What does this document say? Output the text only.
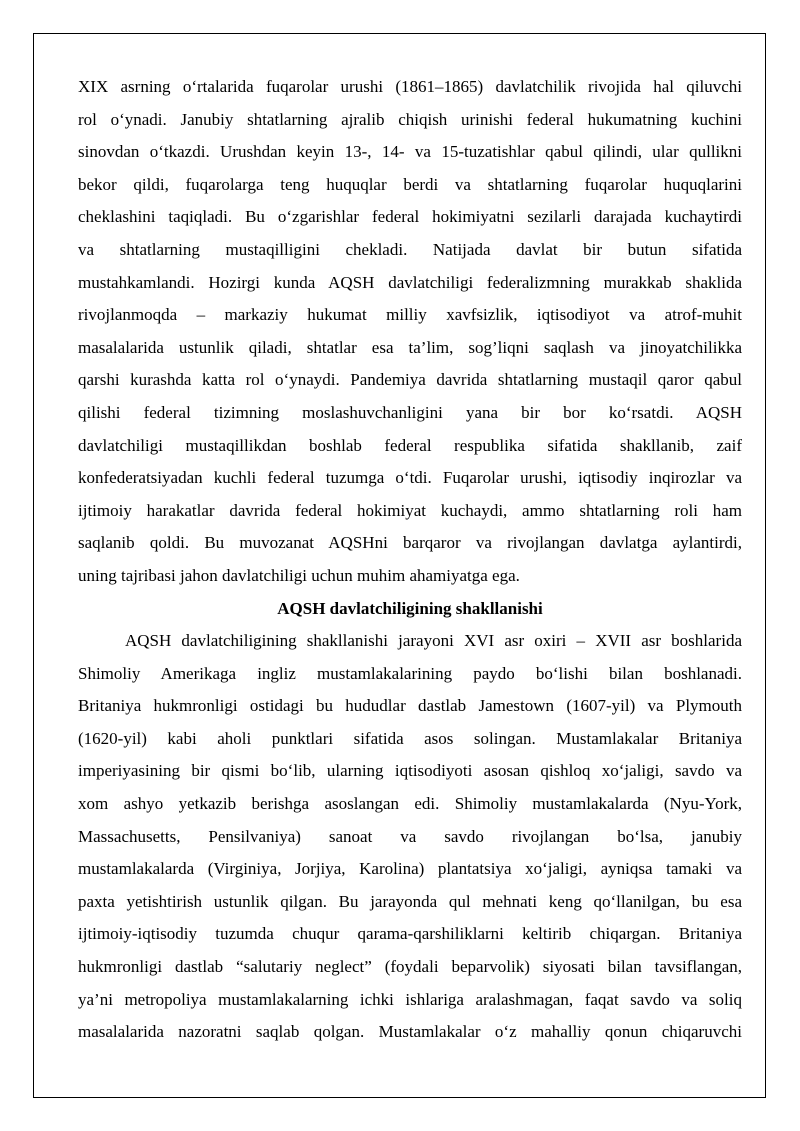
XIX asrning o‘rtalarida fuqarolar urushi (1861–1865) davlatchilik rivojida hal qiluvchi
rol o‘ynadi. Janubiy shtatlarning ajralib chiqish urinishi federal hukumatning kuchini
sinovdan o‘tkazdi. Urushdan keyin 13-, 14- va 15-tuzatishlar qabul qilindi, ular qullikni
bekor qildi, fuqarolarga teng huquqlar berdi va shtatlarning fuqarolar huquqlarini
cheklashini taqiqladi. Bu o‘zgarishlar federal hokimiyatni sezilarli darajada kuchaytirdi
va shtatlarning mustaqilligini chekladi. Natijada davlat bir butun sifatida
mustahkamlandi. Hozirgi kunda AQSH davlatchiligi federalizmning murakkab shaklida
rivojlanmoqda – markaziy hukumat milliy xavfsizlik, iqtisodiyot va atrof-muhit
masalalarida ustunlik qiladi, shtatlar esa ta’lim, sog’liqni saqlash va jinoyatchilikka
qarshi kurashda katta rol o‘ynaydi. Pandemiya davrida shtatlarning mustaqil qaror qabul
qilishi federal tizimning moslashuvchanligini yana bir bor ko‘rsatdi. AQSH
davlatchiligi mustaqillikdan boshlab federal respublika sifatida shakllanib, zaif
konfederatsiyadan kuchli federal tuzumga o‘tdi. Fuqarolar urushi, iqtisodiy inqirozlar va
ijtimoiy harakatlar davrida federal hokimiyat kuchaydi, ammo shtatlarning roli ham
saqlanib qoldi. Bu muvozanat AQSHni barqaror va rivojlangan davlatga aylantirdi,
uning tajribasi jahon davlatchiligi uchun muhim ahamiyatga ega.
AQSH davlatchiligining shakllanishi
AQSH davlatchiligining shakllanishi jarayoni XVI asr oxiri – XVII asr boshlarida
Shimoliy Amerikaga ingliz mustamlakalarining paydo bo‘lishi bilan boshlanadi.
Britaniya hukmronligi ostidagi bu hududlar dastlab Jamestown (1607-yil) va Plymouth
(1620-yil) kabi aholi punktlari sifatida asos solingan. Mustamlakalar Britaniya
imperiyasining bir qismi bo‘lib, ularning iqtisodiyoti asosan qishloq xo‘jaligi, savdo va
xom ashyo yetkazib berishga asoslangan edi. Shimoliy mustamlakalarda (Nyu-York,
Massachusetts, Pensilvaniya) sanoat va savdo rivojlangan bo‘lsa, janubiy
mustamlakalarda (Virginiya, Jorjiya, Karolina) plantatsiya xo‘jaligi, ayniqsa tamaki va
paxta yetishtirish ustunlik qilgan. Bu jarayonda qul mehnati keng qo‘llanilgan, bu esa
ijtimoiy-iqtisodiy tuzumda chuqur qarama-qarshiliklarni keltirib chiqargan. Britaniya
hukmronligi dastlab “salutariy neglect” (foydali beparvolik) siyosati bilan tavsiflangan,
ya’ni metropoliya mustamlakalarning ichki ishlariga aralashmagan, faqat savdo va soliq
masalalarida nazoratni saqlab qolgan. Mustamlakalar o‘z mahalliy qonun chiqaruvchi
